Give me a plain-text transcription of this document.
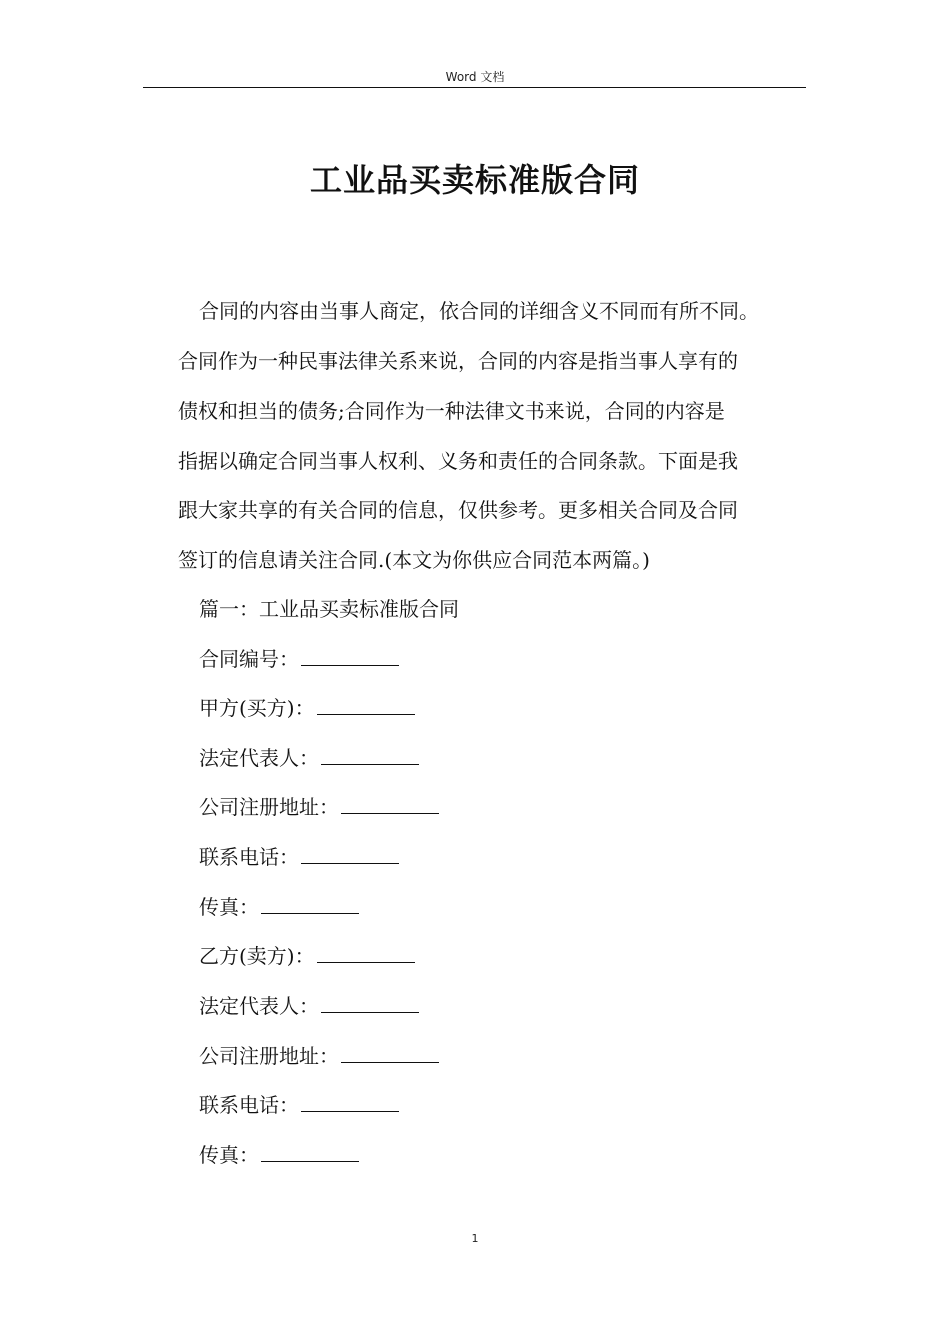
Word 文档
工业品买卖标准版合同
合同的内容由当事人商定，依合同的详细含义不同而有所不同。
合同作为一种民事法律关系来说，合同的内容是指当事人享有的
债权和担当的债务;合同作为一种法律文书来说，合同的内容是
指据以确定合同当事人权利、义务和责任的合同条款。下面是我
跟大家共享的有关合同的信息，仅供参考。更多相关合同及合同
签订的信息请关注合同.(本文为你供应合同范本两篇。)
篇一：工业品买卖标准版合同
合同编号：
甲方(买方)：
法定代表人：
公司注册地址：
联系电话：
传真：
乙方(卖方)：
法定代表人：
公司注册地址：
联系电话：
传真：
1
